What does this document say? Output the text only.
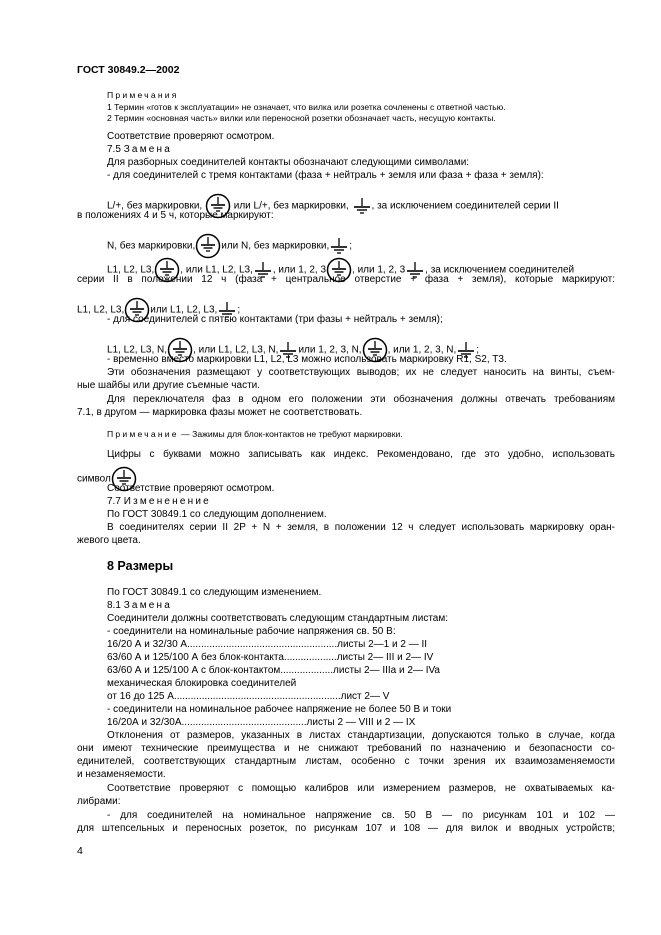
ГОСТ 30849.2—2002
Примечания
1 Термин «готов к эксплуатации» не означает, что вилка или розетка сочленены с ответной частью.
2 Термин «основная часть» вилки или переносной розетки обозначает часть, несущую контакты.
Соответствие проверяют осмотром.
7.5 Замена
Для разборных соединителей контакты обозначают следующими символами:
- для соединителей с тремя контактами (фаза + нейтраль + земля или фаза + фаза + земля):
L/+, без маркировки,	или L/+, без маркировки, , за исключением соединителей серии II
в положениях 4 и 5 ч, которые маркируют:
N, без маркировки,	или N, без маркировки, ;
L1, L2, L3,	, или L1, L2, L3, , или 1, 2, 3	, или 1, 2, 3 , за исключением соединителей
серии II в положении 12 ч (фаза + центральное отверстие + фаза + земля), которые маркируют:
L1, L2, L3,	или L1, L2, L3, ;
- для соединителей с пятью контактами (три фазы + нейтраль + земля);
L1, L2, L3, N,	, или L1, L2, L3, N, или 1, 2, 3, N,	, или 1, 2, 3, N, ;
- временно вместо маркировки L1, L2, L3 можно использовать маркировку R1, S2, T3.
Эти обозначения размещают у соответствующих выводов; их не следует наносить на винты, съем-
ные шайбы или другие съемные части.
Для переключателя фаз в одном его положении эти обозначения должны отвечать требованиям
7.1, в другом — маркировка фазы может не соответствовать.
Примечание — Зажимы для блок-контактов не требуют маркировки.
Цифры с буквами можно записывать как индекс. Рекомендовано, где это удобно, использовать
символ
Соответствие проверяют осмотром.
7.7 Измененение
По ГОСТ 30849.1 со следующим дополнением.
В соединителях серии II 2P + N + земля, в положении 12 ч следует использовать маркировку оран-
жевого цвета.
8 Размеры
По ГОСТ 30849.1 со следующим изменением.
8.1 Замена
Соединители должны соответствовать следующим стандартным листам:
- соединители на номинальные рабочие напряжения св. 50 В:
16/20 А и 32/30 А......................................................листы 2—1 и 2 — II
63/60 А и 125/100 А без блок-контакта...................листы 2— III и 2— IV
63/60 А и 125/100 А с блок-контактом...................листы 2— IIIa и 2— IVa
механическая блокировка соединителей
от 16 до 125 А............................................................лист 2— V
- соединители на номинальное рабочее напряжение не более 50 В и токи
16/20А и 32/30А.............................................листы 2 — VIII и 2 — IX
Отклонения от размеров, указанных в листах стандартизации, допускаются только в случае, когда
они имеют технические преимущества и не снижают требований по назначению и безопасности со-
единителей, соответствующих стандартным листам, особенно с точки зрения их взаимозаменяемости
и незаменяемости.
Соответствие проверяют с помощью калибров или измерением размеров, не охватываемых ка-
либрами:
- для соединителей на номинальное напряжение св. 50 В — по рисункам 101 и 102 —
для штепсельных и переносных розеток, по рисункам 107 и 108 — для вилок и вводных устройств;
4
